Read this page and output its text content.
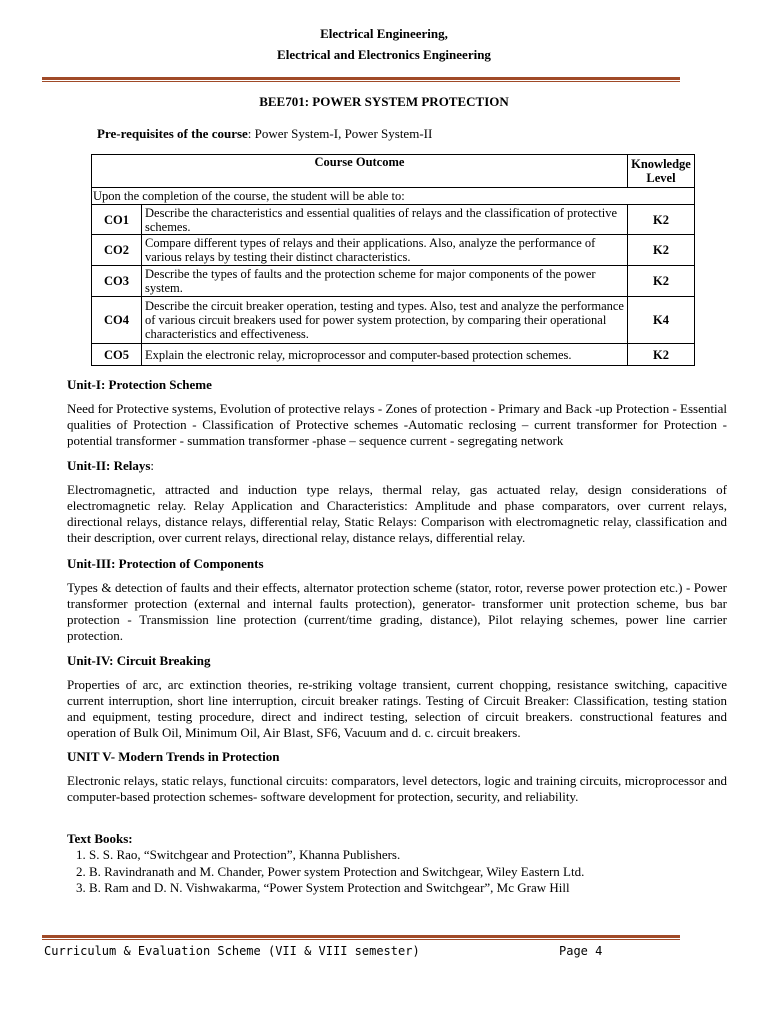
Electrical Engineering,
Electrical and Electronics Engineering
BEE701: POWER SYSTEM PROTECTION
Pre-requisites of the course: Power System-I, Power System-II
Course Outcome		Knowledge Level
Upon the completion of the course, the student will be able to:		
CO1	Describe the characteristics and essential qualities of relays and the classification of protective schemes.	K2
CO2	Compare different types of relays and their applications. Also, analyze the performance of various relays by testing their distinct characteristics.	K2
CO3	Describe the types of faults and the protection scheme for major components of the power system.	K2
CO4	Describe the circuit breaker operation, testing and types. Also, test and analyze the performance of various circuit breakers used for power system protection, by comparing their operational characteristics and effectiveness.	K4
CO5	Explain the electronic relay, microprocessor and computer-based protection schemes.	K2
Unit-I: Protection Scheme

Need for Protective systems, Evolution of protective relays - Zones of protection - Primary and Back -up Protection - Essential qualities of Protection - Classification of Protective schemes -Automatic reclosing – current transformer for Protection - potential transformer - summation transformer -phase – sequence current - segregating network

Unit-II: Relays:

Electromagnetic, attracted and induction type relays, thermal relay, gas actuated relay, design considerations of electromagnetic relay. Relay Application and Characteristics: Amplitude and phase comparators, over current relays, directional relays, distance relays, differential relay, Static Relays: Comparison with electromagnetic relay, classification and their description, over current relays, directional relay, distance relays, differential relay.

Unit-III: Protection of Components

Types & detection of faults and their effects, alternator protection scheme (stator, rotor, reverse power protection etc.) - Power transformer protection (external and internal faults protection), generator- transformer unit protection scheme, bus bar protection - Transmission line protection (current/time grading, distance), Pilot relaying schemes, power line carrier protection.

Unit-IV: Circuit Breaking

Properties of arc, arc extinction theories, re-striking voltage transient, current chopping, resistance switching, capacitive current interruption, short line interruption, circuit breaker ratings. Testing of Circuit Breaker: Classification, testing station and equipment, testing procedure, direct and indirect testing, selection of circuit breakers. constructional features and operation of Bulk Oil, Minimum Oil, Air Blast, SF6, Vacuum and d. c. circuit breakers.

UNIT V- Modern Trends in Protection

Electronic relays, static relays, functional circuits: comparators, level detectors, logic and training circuits, microprocessor and computer-based protection schemes- software development for protection, security, and reliability.

Text Books:
1. S. S. Rao, “Switchgear and Protection”, Khanna Publishers.
2. B. Ravindranath and M. Chander, Power system Protection and Switchgear, Wiley Eastern Ltd.
3. B. Ram and D. N. Vishwakarma, “Power System Protection and Switchgear”, Mc Graw Hill
Curriculum & Evaluation Scheme (VII & VIII semester)	Page 4
